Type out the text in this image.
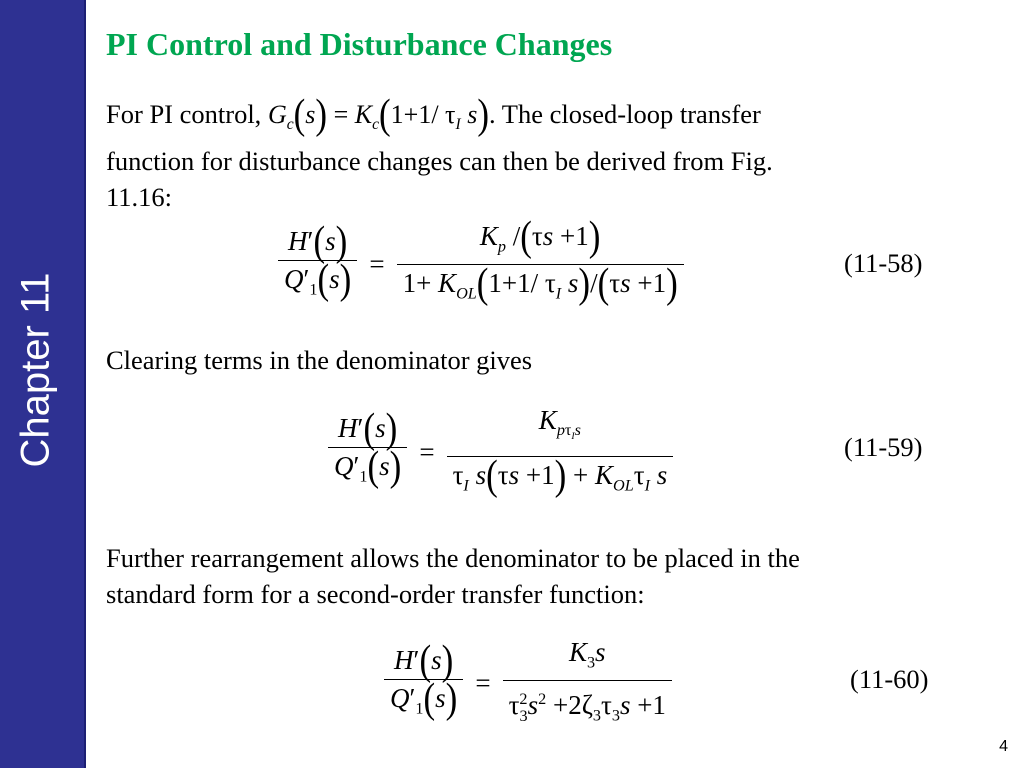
Chapter 11
PI Control and Disturbance Changes
For PI control, $G_c(s) = K_c(1+1/$ $\tau_I$ s). The closed-loop transfer
function for disturbance changes can then be derived from Fig.
11.16:
$\frac{H'(s)}{Q'_1(s)} = \frac{K_p /(\tau s +1)}{1+ K_{OL}(1+1/ \tau_I s)/(\tau s +1)}$	(11-58)
Clearing terms in the denominator gives
$\frac{H'(s)}{Q'_1(s)} = \frac{K_{p\tau_Is}}{\tau_I s(\tau s +1) + K_{OL}\tau_I s}$	(11-59)
Further rearrangement allows the denominator to be placed in the
standard form for a second-order transfer function:
$\frac{H'(s)}{Q'_1(s)} = \frac{K_3s}{\tau^2_3s^2 +2\zeta_3\tau_3s +1}$	(11-60)
4
